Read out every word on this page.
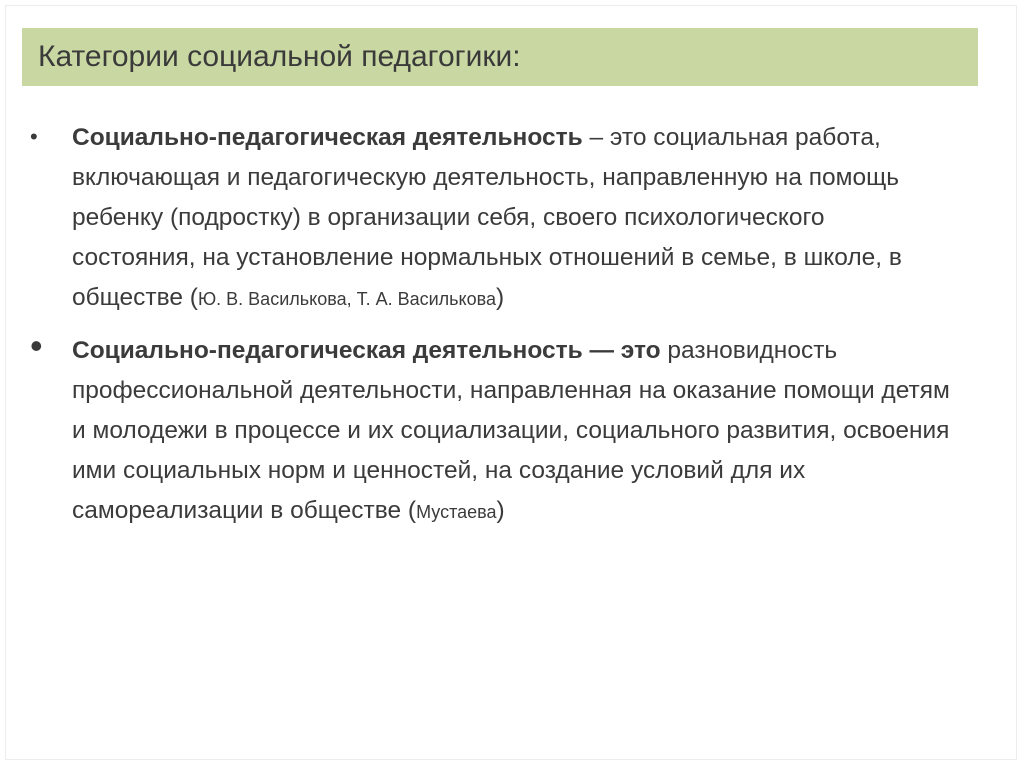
Категории социальной педагогики:
• Социально-педагогическая деятельность – это социальная работа, включающая и педагогическую деятельность, направленную на помощь ребенку (подростку) в организации себя, своего психологического состояния, на установление нормальных отношений в семье, в школе, в обществе (Ю. В. Василькова, Т. А. Василькова)

• Социально-педагогическая деятельность — это разновидность профессиональной деятельности, направленная на оказание помощи детям и молодежи в процессе и их социализации, социального развития, освоения ими социальных норм и ценностей, на создание условий для их самореализации в обществе (Мустаева)
